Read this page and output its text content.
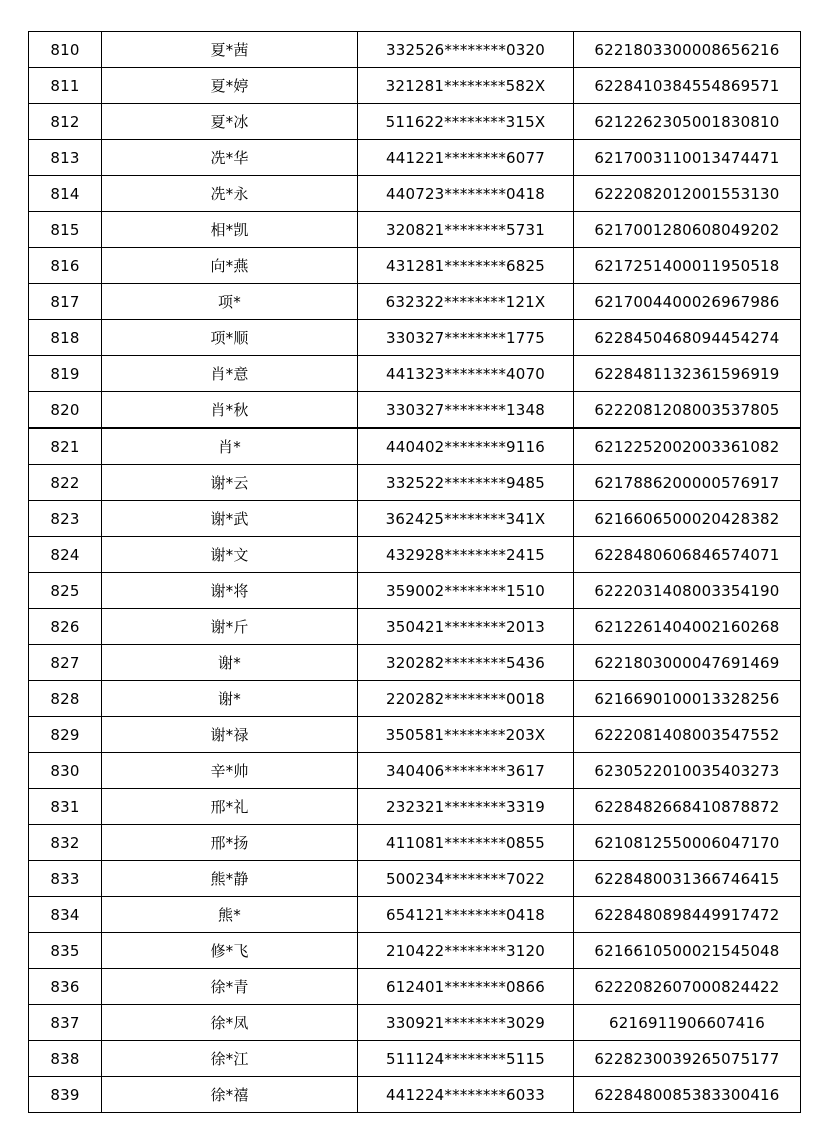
810	夏*茜	332526********0320	6221803300008656216
811	夏*婷	321281********582X	6228410384554869571
812	夏*冰	511622********315X	6212262305001830810
813	冼*华	441221********6077	6217003110013474471
814	冼*永	440723********0418	6222082012001553130
815	相*凯	320821********5731	6217001280608049202
816	向*燕	431281********6825	6217251400011950518
817	项*	632322********121X	6217004400026967986
818	项*顺	330327********1775	6228450468094454274
819	肖*意	441323********4070	6228481132361596919
820	肖*秋	330327********1348	6222081208003537805
821	肖*	440402********9116	6212252002003361082
822	谢*云	332522********9485	6217886200000576917
823	谢*武	362425********341X	6216606500020428382
824	谢*文	432928********2415	6228480606846574071
825	谢*将	359002********1510	6222031408003354190
826	谢*斤	350421********2013	6212261404002160268
827	谢*	320282********5436	6221803000047691469
828	谢*	220282********0018	6216690100013328256
829	谢*禄	350581********203X	6222081408003547552
830	辛*帅	340406********3617	6230522010035403273
831	邢*礼	232321********3319	6228482668410878872
832	邢*扬	411081********0855	6210812550006047170
833	熊*静	500234********7022	6228480031366746415
834	熊*	654121********0418	6228480898449917472
835	修*飞	210422********3120	6216610500021545048
836	徐*青	612401********0866	6222082607000824422
837	徐*凤	330921********3029	6216911906607416
838	徐*江	511124********5115	6228230039265075177
839	徐*禧	441224********6033	6228480085383300416
